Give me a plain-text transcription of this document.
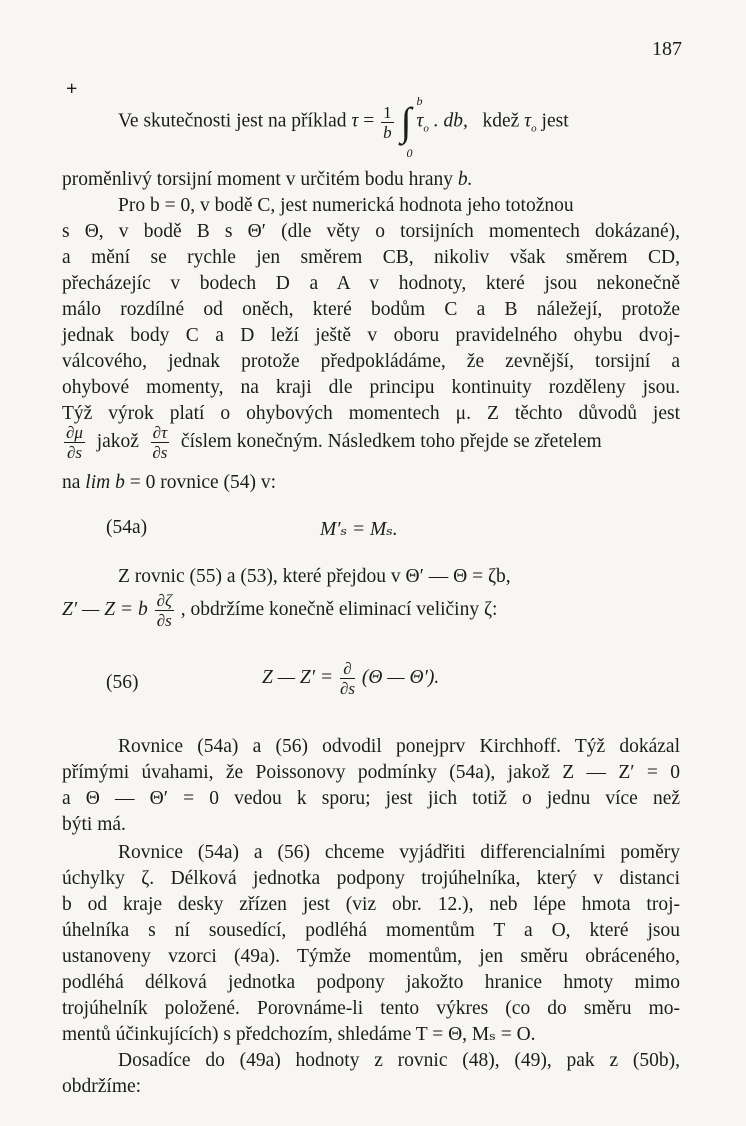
187
+
Ve skutečnosti jest na příklad $\tau = \frac{1}{b}$ ∫ b
0
$\tau_o$ . db, kdež $\tau_o$ jest
proměnlivý torsijní moment v určitém bodu hrany b.
Pro b = 0, v bodě C, jest numerická hodnota jeho totožnou
s Θ, v bodě B s Θ′ (dle věty o torsijních momentech dokázané),
a mění se rychle jen směrem CB, nikoliv však směrem CD,
přecházejíc v bodech D a A v hodnoty, které jsou nekonečně
málo rozdílné od oněch, které bodům C a B náležejí, protože
jednak body C a D leží ještě v oboru pravidelného ohybu dvoj-
válcového, jednak protože předpokládáme, že zevnější, torsijní a
ohybové momenty, na kraji dle principu kontinuity rozděleny jsou.
Týž výrok platí o ohybových momentech μ. Z těchto důvodů jest
$\frac{\partial\mu}{\partial s}$ jakož $\frac{\partial\tau}{\partial s}$ číslem konečným. Následkem toho přejde se zřetelem
na lim b = 0 rovnice (54) v:
(54a)	M′ₛ = Mₛ.
Z rovnic (55) a (53), které přejdou v Θ′ — Θ = ζb,
Z′ — Z = b $\frac{\partial\zeta}{\partial s}$ , obdržíme konečně eliminací veličiny ζ:
(56)	Z — $Z' = \frac{\partial}{\partial s} (\Theta$ — Θ′).
Rovnice (54a) a (56) odvodil ponejprv Kirchhoff. Týž dokázal
přímými úvahami, že Poissonovy podmínky (54a), jakož Z — Z′ = 0
a Θ — Θ′ = 0 vedou k sporu; jest jich totiž o jednu více než
býti má.
Rovnice (54a) a (56) chceme vyjádřiti differencialními poměry
úchylky ζ. Délková jednotka podpony trojúhelníka, který v distanci
b od kraje desky zřízen jest (viz obr. 12.), neb lépe hmota troj-
úhelníka s ní sousedící, podléhá momentům T a O, které jsou
ustanoveny vzorci (49a). Týmže momentům, jen směru obráceného,
podléhá délková jednotka podpony jakožto hranice hmoty mimo
trojúhelník položené. Porovnáme-li tento výkres (co do směru mo-
mentů účinkujících) s předchozím, shledáme T = Θ, Mₛ = O.
Dosadíce do (49a) hodnoty z rovnic (48), (49), pak z (50b),
obdržíme:
